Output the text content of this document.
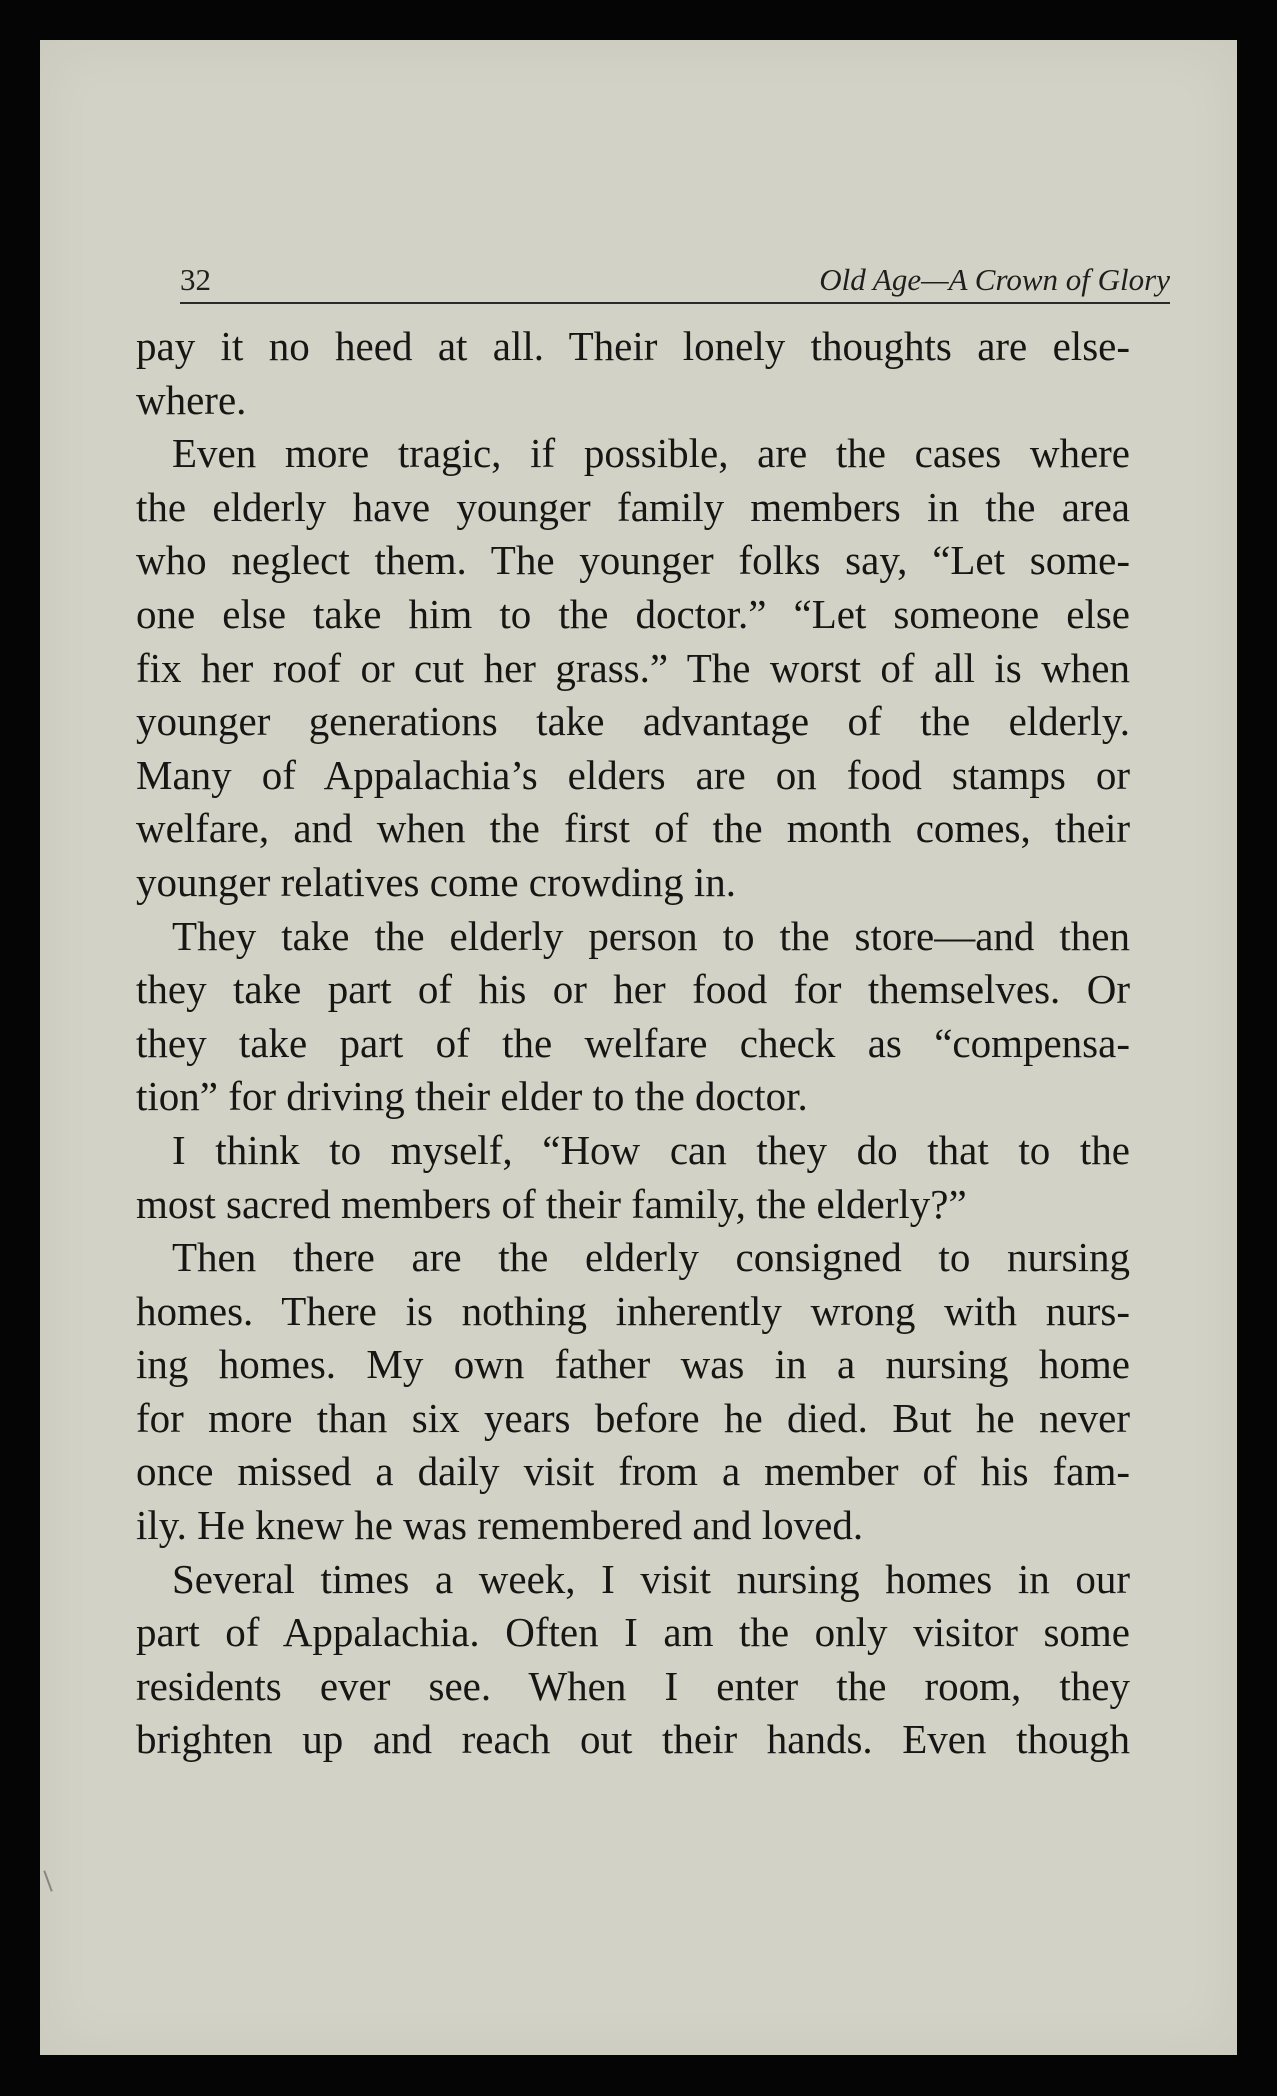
32	Old Age—A Crown of Glory
pay it no heed at all. Their lonely thoughts are else-
where.
Even more tragic, if possible, are the cases where
the elderly have younger family members in the area
who neglect them. The younger folks say, “Let some-
one else take him to the doctor.” “Let someone else
fix her roof or cut her grass.” The worst of all is when
younger generations take advantage of the elderly.
Many of Appalachia’s elders are on food stamps or
welfare, and when the first of the month comes, their
younger relatives come crowding in.
They take the elderly person to the store—and then
they take part of his or her food for themselves. Or
they take part of the welfare check as “compensa-
tion” for driving their elder to the doctor.
I think to myself, “How can they do that to the
most sacred members of their family, the elderly?”
Then there are the elderly consigned to nursing
homes. There is nothing inherently wrong with nurs-
ing homes. My own father was in a nursing home
for more than six years before he died. But he never
once missed a daily visit from a member of his fam-
ily. He knew he was remembered and loved.
Several times a week, I visit nursing homes in our
part of Appalachia. Often I am the only visitor some
residents ever see. When I enter the room, they
brighten up and reach out their hands. Even though
